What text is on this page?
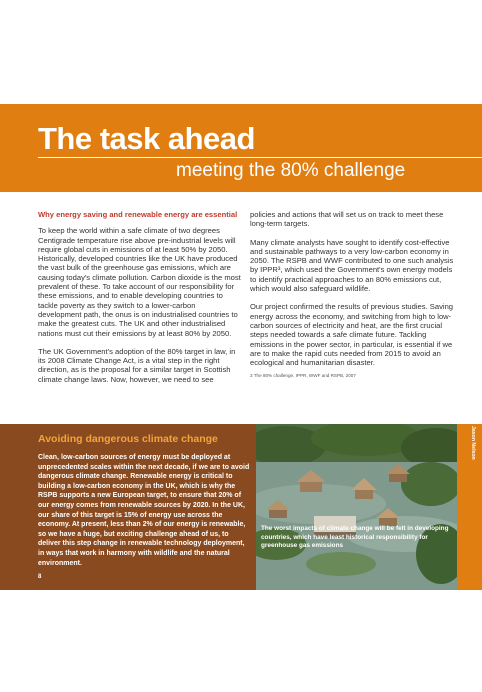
The task ahead
meeting the 80% challenge

Why energy saving and renewable energy are essential

To keep the world within a safe climate of two degrees Centigrade temperature rise above pre-industrial levels will require global cuts in emissions of at least 50% by 2050. Historically, developed countries like the UK have produced the vast bulk of the greenhouse gas emissions, which are causing today's climate pollution. Carbon dioxide is the most prevalent of these. To take account of our responsibility for these emissions, and to enable developing countries to tackle poverty as they switch to a lower-carbon development path, the onus is on industrialised countries to make the greatest cuts. The UK and other industrialised nations must cut their emissions by at least 80% by 2050.

The UK Government's adoption of the 80% target in law, in its 2008 Climate Change Act, is a vital step in the right direction, as is the proposal for a similar target in Scottish climate change laws. Now, however, we need to see

policies and actions that will set us on track to meet these long-term targets.

Many climate analysts have sought to identify cost-effective and sustainable pathways to a very low-carbon economy in 2050. The RSPB and WWF contributed to one such analysis by IPPR³, which used the Government's own energy models to identify practical approaches to an 80% emissions cut, which would also safeguard wildlife.

Our project confirmed the results of previous studies. Saving energy across the economy, and switching from high to low-carbon sources of electricity and heat, are the first crucial steps needed towards a safe climate future. Tackling emissions in the power sector, in particular, is essential if we are to make the rapid cuts needed from 2015 to avoid an ecological and humanitarian disaster.

3 The 80% challenge, IPPR, WWF and RSPB, 2007

Avoiding dangerous climate change
Clean, low-carbon sources of energy must be deployed at unprecedented scales within the next decade, if we are to avoid dangerous climate change. Renewable energy is critical to building a low-carbon economy in the UK, which is why the RSPB supports a new European target, to ensure that 20% of our energy comes from renewable sources by 2020. In the UK, our share of this target is 15% of energy use across the economy. At present, less than 2% of our energy is renewable, so we have a huge, but exciting challenge ahead of us, to deliver this step change in renewable technology deployment, in ways that work in harmony with wildlife and the natural environment.
8
The worst impacts of climate change will be felt in developing countries, which have least historical responsibility for greenhouse gas emissions
Jason Nelson
